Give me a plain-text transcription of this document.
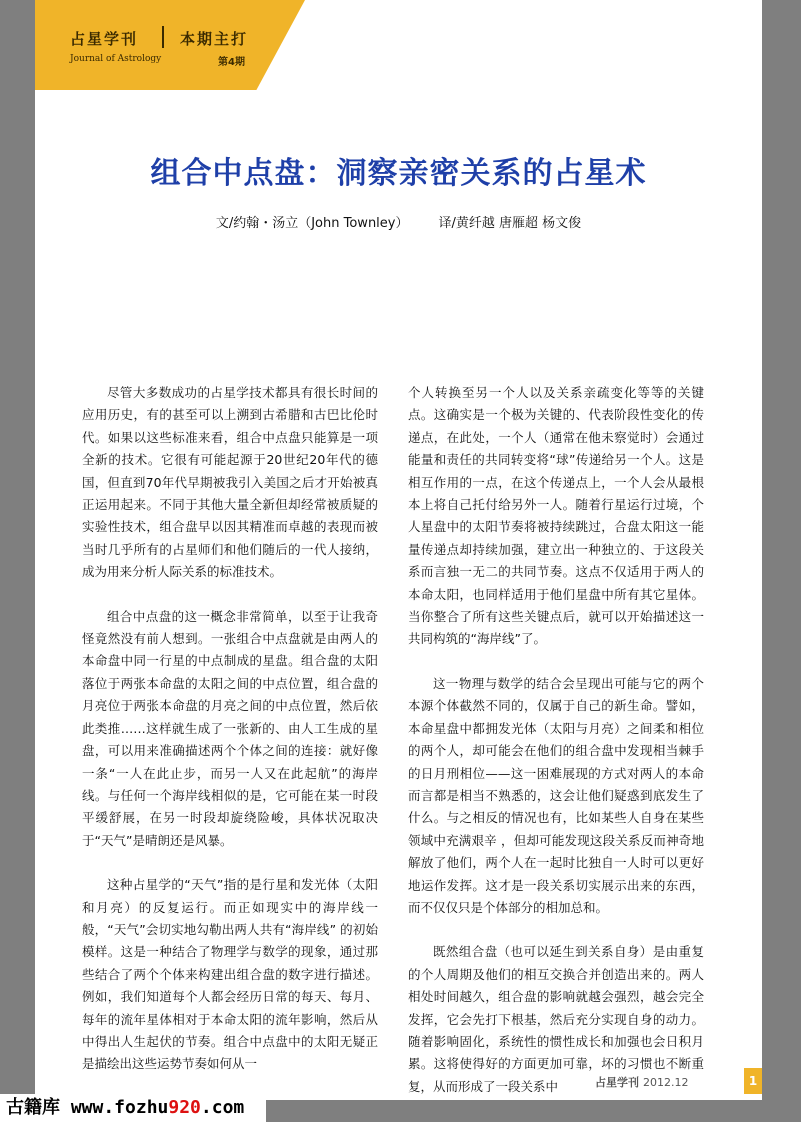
占星学刊	本期主打
Journal of Astrology	第4期
组合中点盘：洞察亲密关系的占星术
文/约翰・汤立（John Townley） 译/黄纤越 唐雁超 杨文俊

尽管大多数成功的占星学技术都具有很长时间的应用历史，有的甚至可以上溯到古希腊和古巴比伦时代。如果以这些标准来看，组合中点盘只能算是一项全新的技术。它很有可能起源于20世纪20年代的德国，但直到70年代早期被我引入美国之后才开始被真正运用起来。不同于其他大量全新但却经常被质疑的实验性技术，组合盘早以因其精准而卓越的表现而被当时几乎所有的占星师们和他们随后的一代人接纳，成为用来分析人际关系的标准技术。

组合中点盘的这一概念非常简单，以至于让我奇怪竟然没有前人想到。一张组合中点盘就是由两人的本命盘中同一行星的中点制成的星盘。组合盘的太阳落位于两张本命盘的太阳之间的中点位置，组合盘的月亮位于两张本命盘的月亮之间的中点位置，然后依此类推……这样就生成了一张新的、由人工生成的星盘，可以用来准确描述两个个体之间的连接：就好像一条“一人在此止步，而另一人又在此起航”的海岸线。与任何一个海岸线相似的是，它可能在某一时段平缓舒展，在另一时段却旋绕险峻，具体状况取决于“天气”是晴朗还是风暴。

这种占星学的“天气”指的是行星和发光体（太阳和月亮）的反复运行。而正如现实中的海岸线一般，“天气”会切实地勾勒出两人共有“海岸线” 的初始模样。这是一种结合了物理学与数学的现象，通过那些结合了两个个体来构建出组合盘的数字进行描述。例如，我们知道每个人都会经历日常的每天、每月、每年的流年星体相对于本命太阳的流年影响，然后从中得出人生起伏的节奏。组合中点盘中的太阳无疑正是描绘出这些运势节奏如何从一

个人转换至另一个人以及关系亲疏变化等等的关键点。这确实是一个极为关键的、代表阶段性变化的传递点，在此处，一个人（通常在他未察觉时）会通过能量和责任的共同转变将“球”传递给另一个人。这是相互作用的一点，在这个传递点上，一个人会从最根本上将自己托付给另外一人。随着行星运行过境，个人星盘中的太阳节奏将被持续跳过，合盘太阳这一能量传递点却持续加强，建立出一种独立的、于这段关系而言独一无二的共同节奏。这点不仅适用于两人的本命太阳，也同样适用于他们星盘中所有其它星体。当你整合了所有这些关键点后，就可以开始描述这一共同构筑的“海岸线”了。

这一物理与数学的结合会呈现出可能与它的两个本源个体截然不同的，仅属于自己的新生命。譬如，本命星盘中都拥发光体（太阳与月亮）之间柔和相位的两个人，却可能会在他们的组合盘中发现相当棘手的日月刑相位——这一困难展现的方式对两人的本命而言都是相当不熟悉的，这会让他们疑惑到底发生了什么。与之相反的情况也有，比如某些人自身在某些领域中充满艰辛 ，但却可能发现这段关系反而神奇地解放了他们，两个人在一起时比独自一人时可以更好地运作发挥。这才是一段关系切实展示出来的东西，而不仅仅只是个体部分的相加总和。

既然组合盘（也可以延生到关系自身）是由重复的个人周期及他们的相互交换合并创造出来的。两人相处时间越久，组合盘的影响就越会强烈，越会完全发挥，它会先打下根基，然后充分实现自身的动力。随着影响固化，系统性的惯性成长和加强也会日积月累。这将使得好的方面更加可靠，坏的习惯也不断重复，从而形成了一段关系中	占星学刊 2012.12	1
古籍库 www.fozhu920.com
